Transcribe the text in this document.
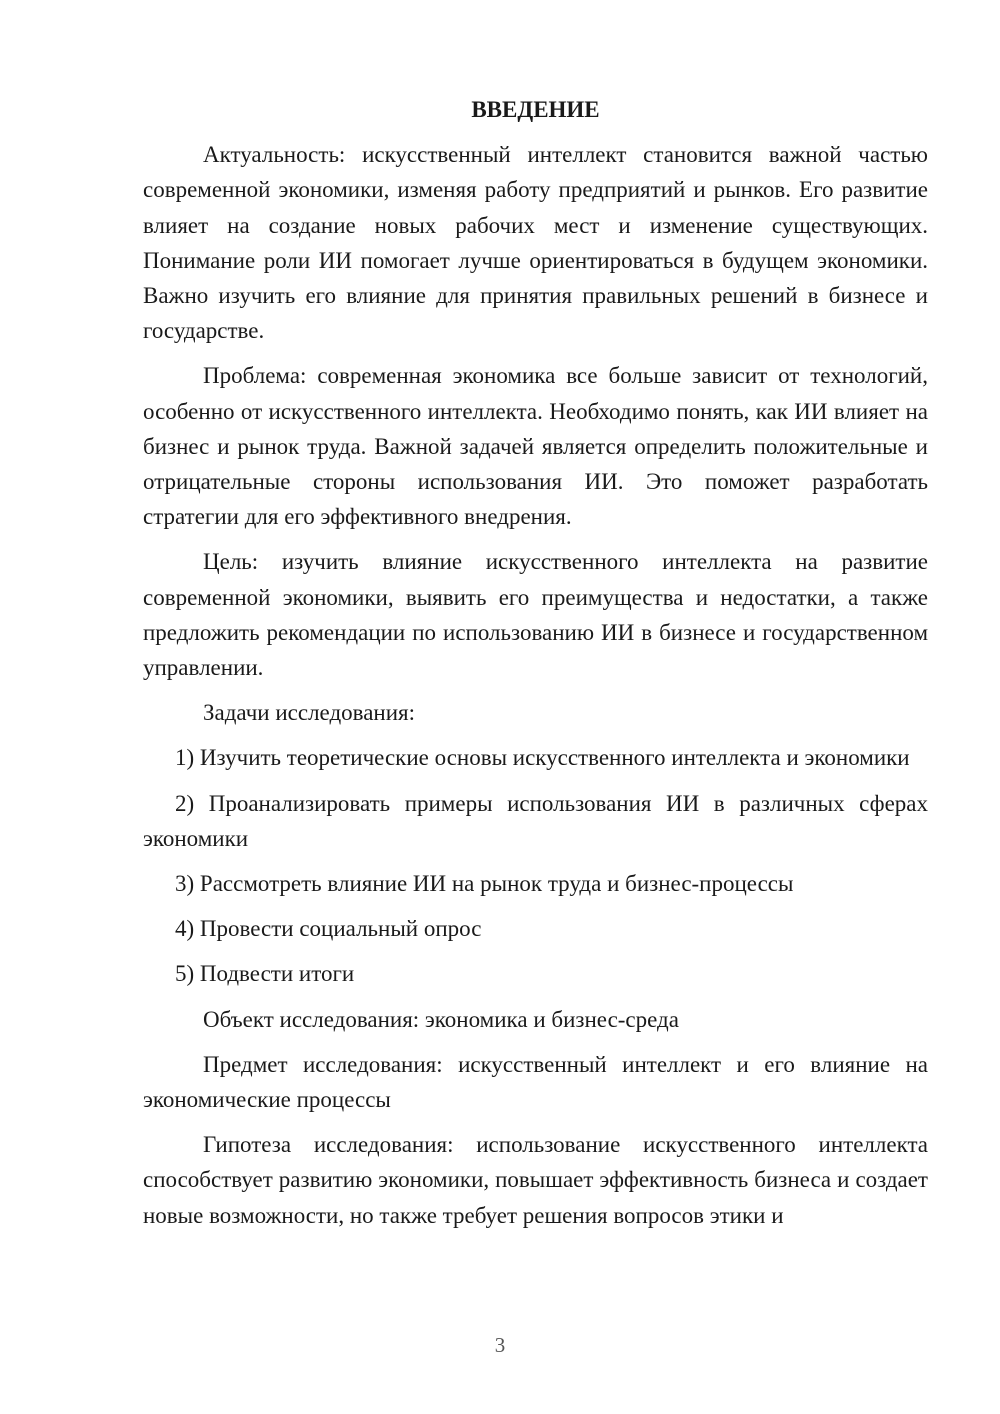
ВВЕДЕНИЕ

Актуальность: искусственный интеллект становится важной частью современной экономики, изменяя работу предприятий и рынков. Его развитие влияет на создание новых рабочих мест и изменение существующих. Понимание роли ИИ помогает лучше ориентироваться в будущем экономики. Важно изучить его влияние для принятия правильных решений в бизнесе и государстве.

Проблема: современная экономика все больше зависит от технологий, особенно от искусственного интеллекта. Необходимо понять, как ИИ влияет на бизнес и рынок труда. Важной задачей является определить положительные и отрицательные стороны использования ИИ. Это поможет разработать стратегии для его эффективного внедрения.

Цель: изучить влияние искусственного интеллекта на развитие современной экономики, выявить его преимущества и недостатки, а также предложить рекомендации по использованию ИИ в бизнесе и государственном управлении.

Задачи исследования:

1) Изучить теоретические основы искусственного интеллекта и экономики

2) Проанализировать примеры использования ИИ в различных сферах экономики

3) Рассмотреть влияние ИИ на рынок труда и бизнес-процессы

4) Провести социальный опрос

5) Подвести итоги

Объект исследования: экономика и бизнес-среда

Предмет исследования: искусственный интеллект и его влияние на экономические процессы

Гипотеза исследования: использование искусственного интеллекта способствует развитию экономики, повышает эффективность бизнеса и создает новые возможности, но также требует решения вопросов этики и

3
